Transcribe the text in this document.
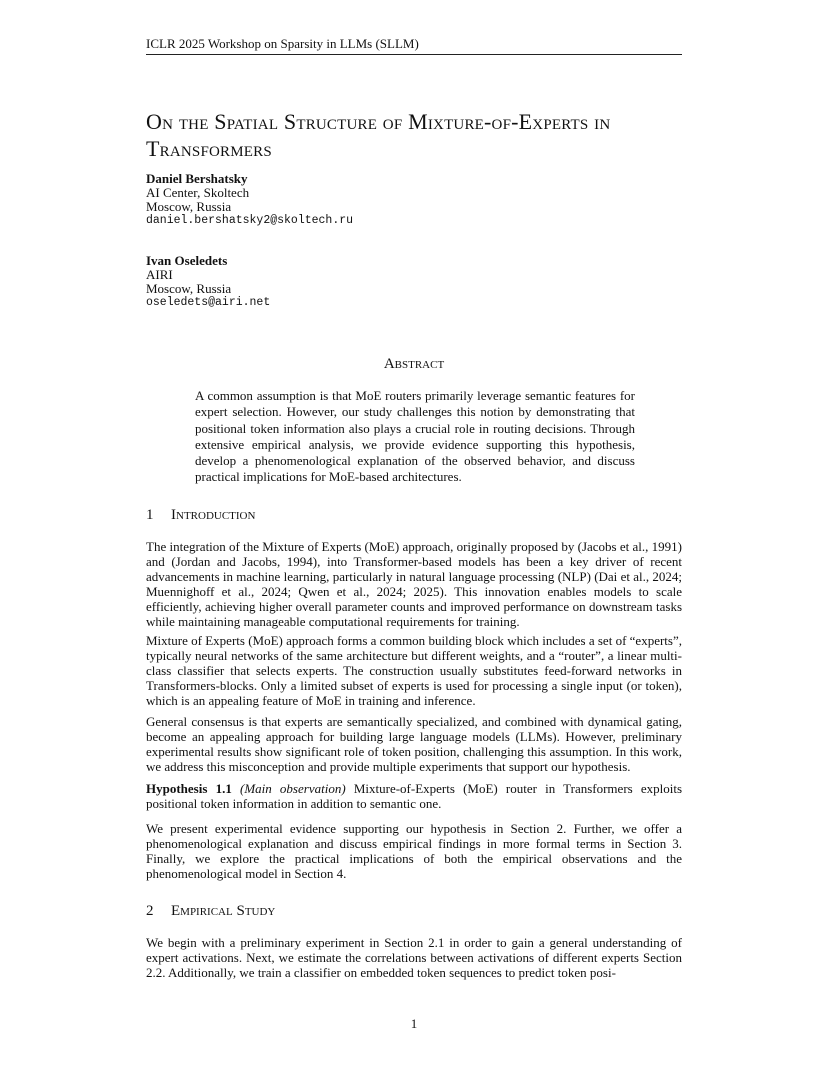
ICLR 2025 Workshop on Sparsity in LLMs (SLLM)
On the Spatial Structure of Mixture-of-Experts in Transformers
Daniel Bershatsky
AI Center, Skoltech
Moscow, Russia
daniel.bershatsky2@skoltech.ru
Ivan Oseledets
AIRI
Moscow, Russia
oseledets@airi.net
Abstract

A common assumption is that MoE routers primarily leverage semantic features for expert selection. However, our study challenges this notion by demonstrating that positional token information also plays a crucial role in routing decisions. Through extensive empirical analysis, we provide evidence supporting this hypothesis, develop a phenomenological explanation of the observed behavior, and discuss practical implications for MoE-based architectures.

1 Introduction

The integration of the Mixture of Experts (MoE) approach, originally proposed by (Jacobs et al., 1991) and (Jordan and Jacobs, 1994), into Transformer-based models has been a key driver of recent advancements in machine learning, particularly in natural language processing (NLP) (Dai et al., 2024; Muennighoff et al., 2024; Qwen et al., 2024; 2025). This innovation enables models to scale efficiently, achieving higher overall parameter counts and improved performance on downstream tasks while maintaining manageable computational requirements for training.

Mixture of Experts (MoE) approach forms a common building block which includes a set of “experts”, typically neural networks of the same architecture but different weights, and a “router”, a linear multi-class classifier that selects experts. The construction usually substitutes feed-forward networks in Transformers-blocks. Only a limited subset of experts is used for processing a single input (or token), which is an appealing feature of MoE in training and inference.

General consensus is that experts are semantically specialized, and combined with dynamical gating, become an appealing approach for building large language models (LLMs). However, preliminary experimental results show significant role of token position, challenging this assumption. In this work, we address this misconception and provide multiple experiments that support our hypothesis.

Hypothesis 1.1 (Main observation) Mixture-of-Experts (MoE) router in Transformers exploits positional token information in addition to semantic one.

We present experimental evidence supporting our hypothesis in Section 2. Further, we offer a phenomenological explanation and discuss empirical findings in more formal terms in Section 3. Finally, we explore the practical implications of both the empirical observations and the phenomenological model in Section 4.

2 Empirical Study

We begin with a preliminary experiment in Section 2.1 in order to gain a general understanding of expert activations. Next, we estimate the correlations between activations of different experts Section 2.2. Additionally, we train a classifier on embedded token sequences to predict token posi-

1
